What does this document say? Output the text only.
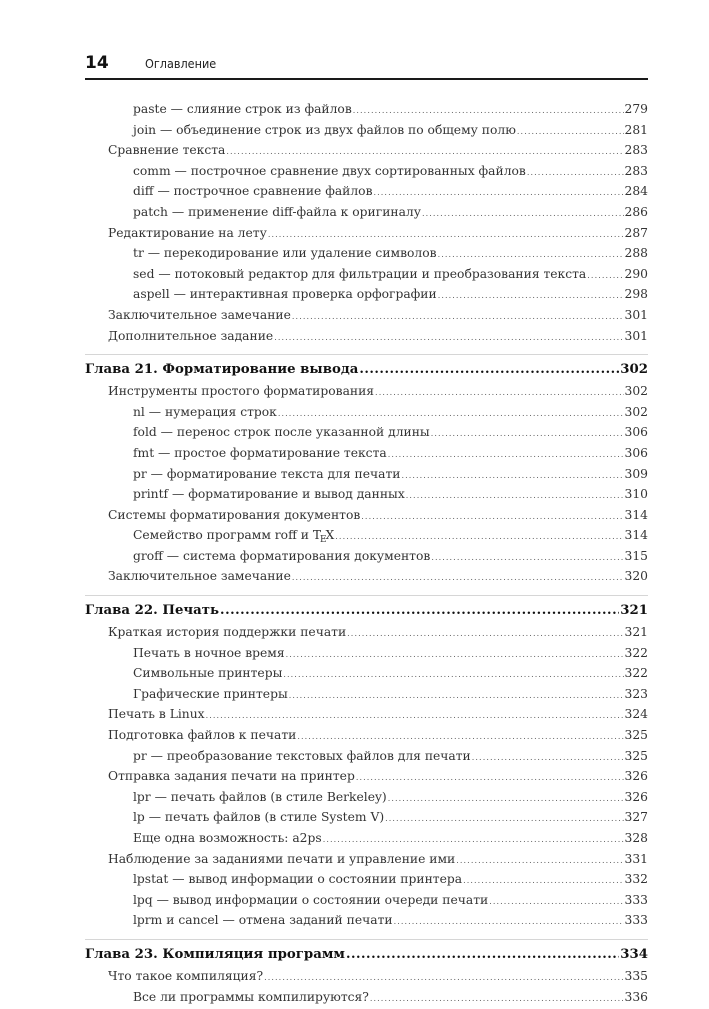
14	Оглавление
paste — слияние строк из файлов .....	279
join — объединение строк из двух файлов по общему полю .....	281
Сравнение текста .....	283
comm — построчное сравнение двух сортированных файлов .....	283
diff — построчное сравнение файлов .....	284
patch — применение diff-файла к оригиналу .....	286
Редактирование на лету .....	287
tr — перекодирование или удаление символов .....	288
sed — потоковый редактор для фильтрации и преобразования текста .....	290
aspell — интерактивная проверка орфографии .....	298
Заключительное замечание .....	301
Дополнительное задание .....	301
Глава 21. Форматирование вывода .....	302
Инструменты простого форматирования .....	302
nl — нумерация строк .....	302
fold — перенос строк после указанной длины .....	306
fmt — простое форматирование текста .....	306
pr — форматирование текста для печати .....	309
printf — форматирование и вывод данных .....	310
Системы форматирования документов .....	314
Семейство программ roff и $T_EX$ .....	314
groff — система форматирования документов .....	315
Заключительное замечание .....	320
Глава 22. Печать .....	321
Краткая история поддержки печати .....	321
Печать в ночное время .....	322
Символьные принтеры .....	322
Графические принтеры .....	323
Печать в Linux .....	324
Подготовка файлов к печати .....	325
pr — преобразование текстовых файлов для печати .....	325
Отправка задания печати на принтер .....	326
lpr — печать файлов (в стиле Berkeley) .....	326
lp — печать файлов (в стиле System V) .....	327
Еще одна возможность: a2ps .....	328
Наблюдение за заданиями печати и управление ими .....	331
lpstat — вывод информации о состоянии принтера .....	332
lpq — вывод информации о состоянии очереди печати .....	333
lprm и cancel — отмена заданий печати .....	333
Глава 23. Компиляция программ .....	334
Что такое компиляция? .....	335
Все ли программы компилируются? .....	336
